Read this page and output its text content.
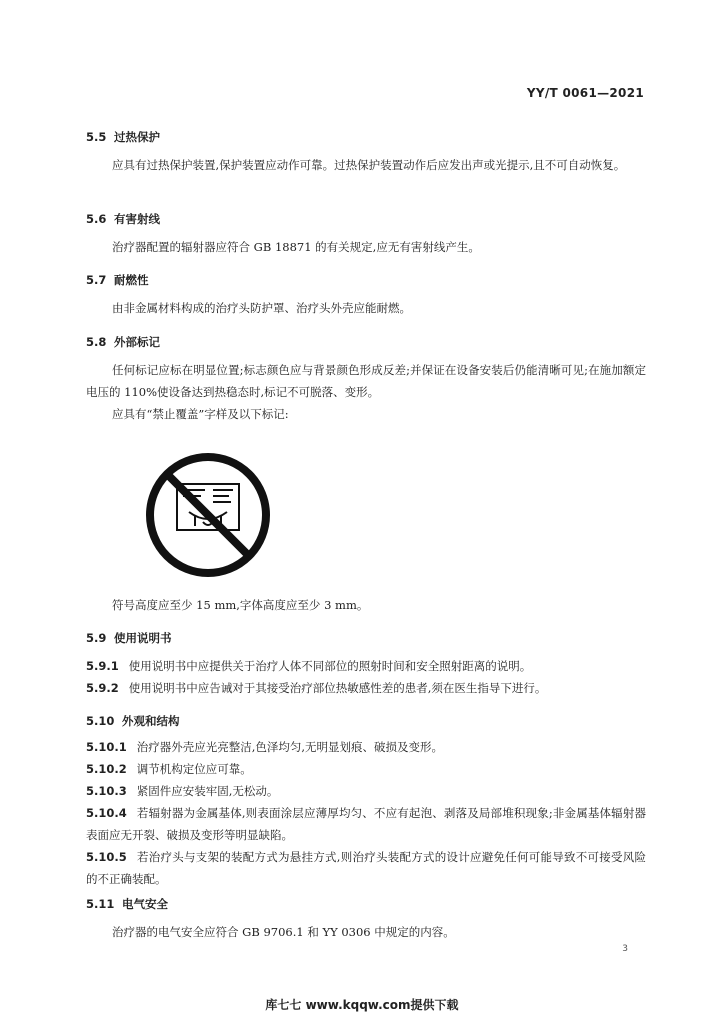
YY/T 0061—2021
5.5 过热保护
应具有过热保护装置,保护装置应动作可靠。过热保护装置动作后应发出声或光提示,且不可自动恢复。
5.6 有害射线
治疗器配置的辐射器应符合 GB 18871 的有关规定,应无有害射线产生。
5.7 耐燃性
由非金属材料构成的治疗头防护罩、治疗头外壳应能耐燃。
5.8 外部标记
任何标记应标在明显位置;标志颜色应与背景颜色形成反差;并保证在设备安装后仍能清晰可见;在施加额定电压的 110%使设备达到热稳态时,标记不可脱落、变形。
应具有“禁止覆盖”字样及以下标记:
符号高度应至少 15 mm,字体高度应至少 3 mm。
5.9 使用说明书
5.9.1 使用说明书中应提供关于治疗人体不同部位的照射时间和安全照射距离的说明。
5.9.2 使用说明书中应告诫对于其接受治疗部位热敏感性差的患者,须在医生指导下进行。
5.10 外观和结构
5.10.1 治疗器外壳应光亮整洁,色泽均匀,无明显划痕、破损及变形。
5.10.2 调节机构定位应可靠。
5.10.3 紧固件应安装牢固,无松动。
5.10.4 若辐射器为金属基体,则表面涂层应薄厚均匀、不应有起泡、剥落及局部堆积现象;非金属基体辐射器表面应无开裂、破损及变形等明显缺陷。
5.10.5 若治疗头与支架的装配方式为悬挂方式,则治疗头装配方式的设计应避免任何可能导致不可接受风险的不正确装配。
5.11 电气安全
治疗器的电气安全应符合 GB 9706.1 和 YY 0306 中规定的内容。
3
库七七 www.kqqw.com提供下载
